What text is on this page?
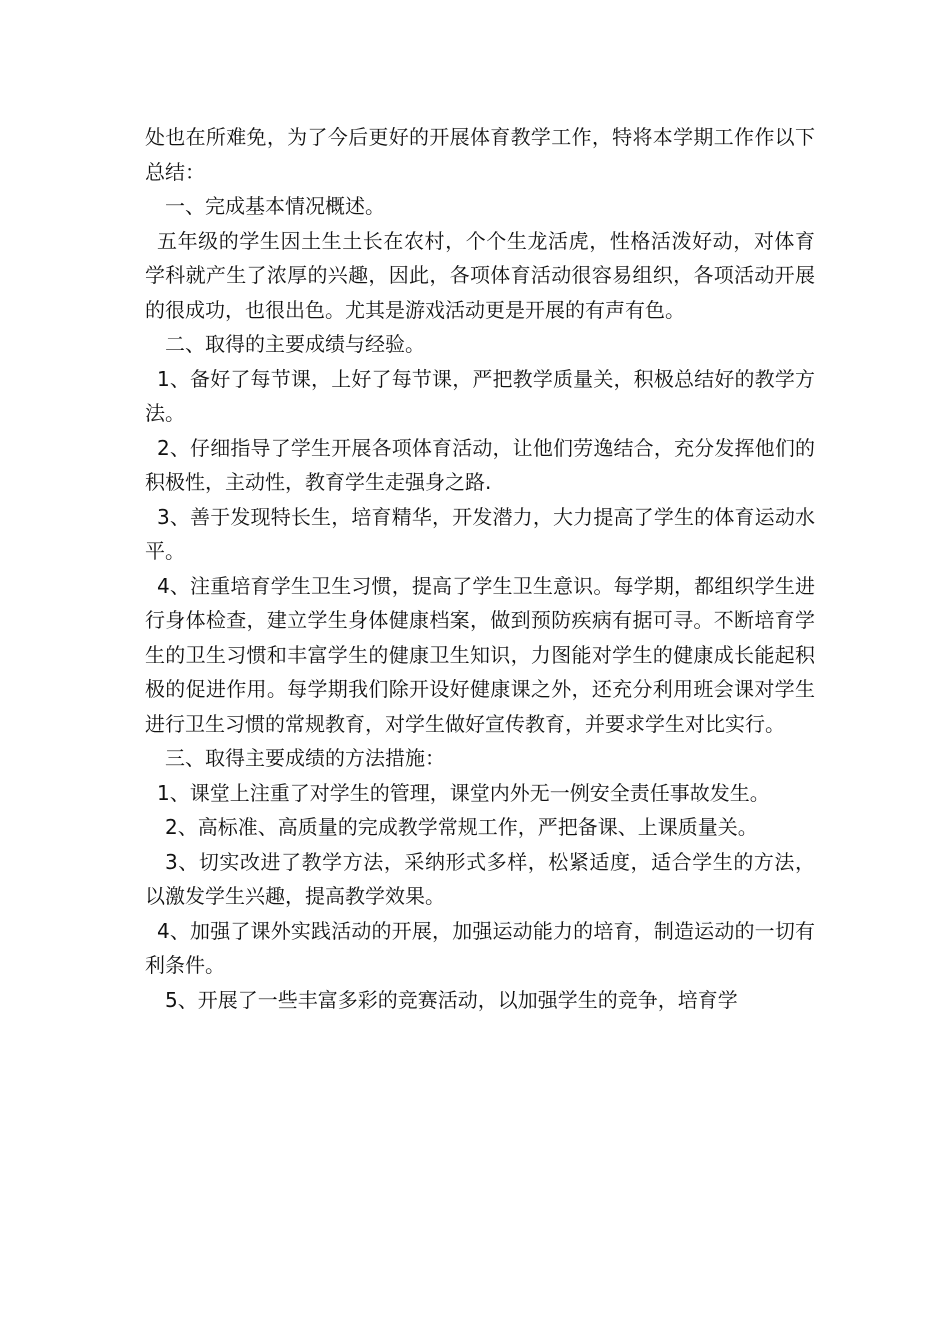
处也在所难免，为了今后更好的开展体育教学工作，特将本学期工作作以下总结：

一、完成基本情况概述。

五年级的学生因土生土长在农村，个个生龙活虎，性格活泼好动，对体育学科就产生了浓厚的兴趣，因此，各项体育活动很容易组织，各项活动开展的很成功，也很出色。尤其是游戏活动更是开展的有声有色。

二、取得的主要成绩与经验。

1、备好了每节课，上好了每节课，严把教学质量关，积极总结好的教学方法。

2、仔细指导了学生开展各项体育活动，让他们劳逸结合，充分发挥他们的积极性，主动性，教育学生走强身之路.

3、善于发现特长生，培育精华，开发潜力，大力提高了学生的体育运动水平。

4、注重培育学生卫生习惯，提高了学生卫生意识。每学期，都组织学生进行身体检查，建立学生身体健康档案，做到预防疾病有据可寻。不断培育学生的卫生习惯和丰富学生的健康卫生知识，力图能对学生的健康成长能起积极的促进作用。每学期我们除开设好健康课之外，还充分利用班会课对学生进行卫生习惯的常规教育，对学生做好宣传教育，并要求学生对比实行。

三、取得主要成绩的方法措施：

1、课堂上注重了对学生的管理，课堂内外无一例安全责任事故发生。

2、高标准、高质量的完成教学常规工作，严把备课、上课质量关。

3、切实改进了教学方法，采纳形式多样，松紧适度，适合学生的方法，以激发学生兴趣，提高教学效果。

4、加强了课外实践活动的开展，加强运动能力的培育，制造运动的一切有利条件。

5、开展了一些丰富多彩的竞赛活动，以加强学生的竞争，培育学
